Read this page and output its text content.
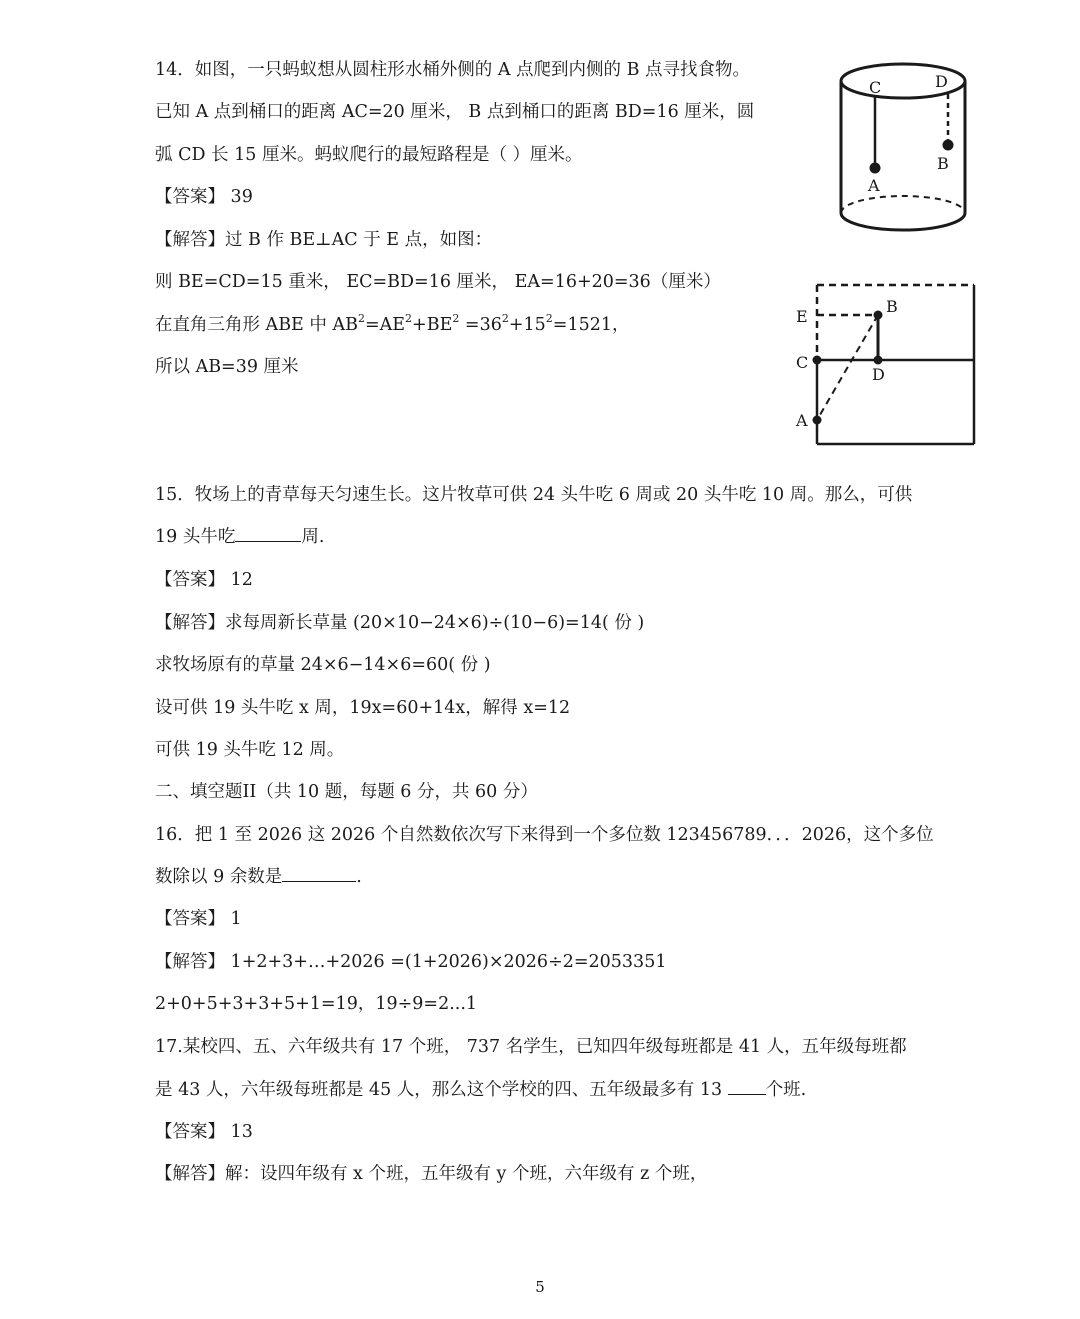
14．如图，一只蚂蚁想从圆柱形水桶外侧的 A 点爬到内侧的 B 点寻找食物。
已知 A 点到桶口的距离 AC=20 厘米， B 点到桶口的距离 BD=16 厘米，圆
弧 CD 长 15 厘米。蚂蚁爬行的最短路程是（ ）厘米。
【答案】 39
【解答】过 B 作 BE⊥AC 于 E 点，如图：
则 BE=CD=15 重米， EC=BD=16 厘米， EA=16+20=36（厘米）
在直角三角形 ABE 中 $AB^2=AE^2+BE^2 =36^2+15^2=1521$，
所以 AB=39 厘米
C	D
A
B
E
B
C
D
A
15．牧场上的青草每天匀速生长。这片牧草可供 24 头牛吃 6 周或 20 头牛吃 10 周。那么，可供
19 头牛吃	周.
【答案】 12
【解答】求每周新长草量 (20×10−24×6)÷(10−6)=14( 份 )
求牧场原有的草量 24×6−14×6=60( 份 )
设可供 19 头牛吃 x 周，19x=60+14x，解得 x=12
可供 19 头牛吃 12 周。
二、填空题II（共 10 题，每题 6 分，共 60 分）
16．把 1 至 2026 这 2026 个自然数依次写下来得到一个多位数 123456789．．．2026，这个多位
数除以 9 余数是	.
【答案】 1
【解答】 1+2+3+…+2026 =(1+2026)×2026÷2=2053351
2+0+5+3+3+5+1=19，19÷9=2...1
17.某校四、五、六年级共有 17 个班， 737 名学生，已知四年级每班都是 41 人，五年级每班都
是 43 人，六年级每班都是 45 人，那么这个学校的四、五年级最多有 13 个班.
【答案】 13
【解答】解：设四年级有 x 个班，五年级有 y 个班，六年级有 z 个班，
5
